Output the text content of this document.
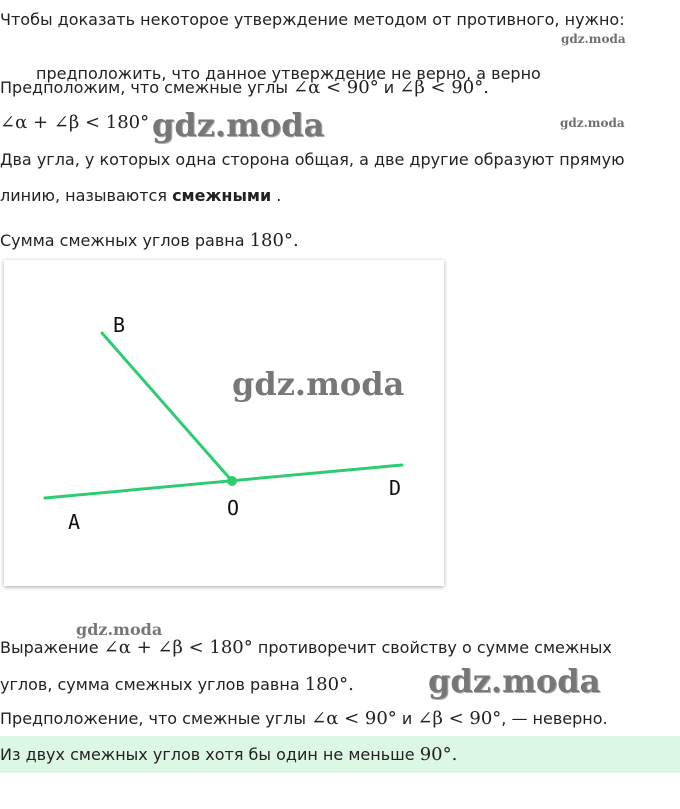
Чтобы доказать некоторое утверждение методом от противного, нужно:
gdz.moda
предположить, что данное утверждение не верно, а верно
Предположим, что смежные углы ∠α < 90° и ∠β < 90°.
∠α + ∠β < 180° gdz.moda	gdz.moda
Два угла, у которых одна сторона общая, а две другие образуют прямую
линию, называются смежными .
Сумма смежных углов равна 180°.
B
O
D
A
gdz.moda
gdz.moda
Выражение ∠α + ∠β < 180° противоречит свойству о сумме смежных
углов, сумма смежных углов равна 180°. gdz.moda
Предположение, что смежные углы ∠α < 90° и ∠β < 90°, — неверно.
Из двух смежных углов хотя бы один не меньше 90°.
